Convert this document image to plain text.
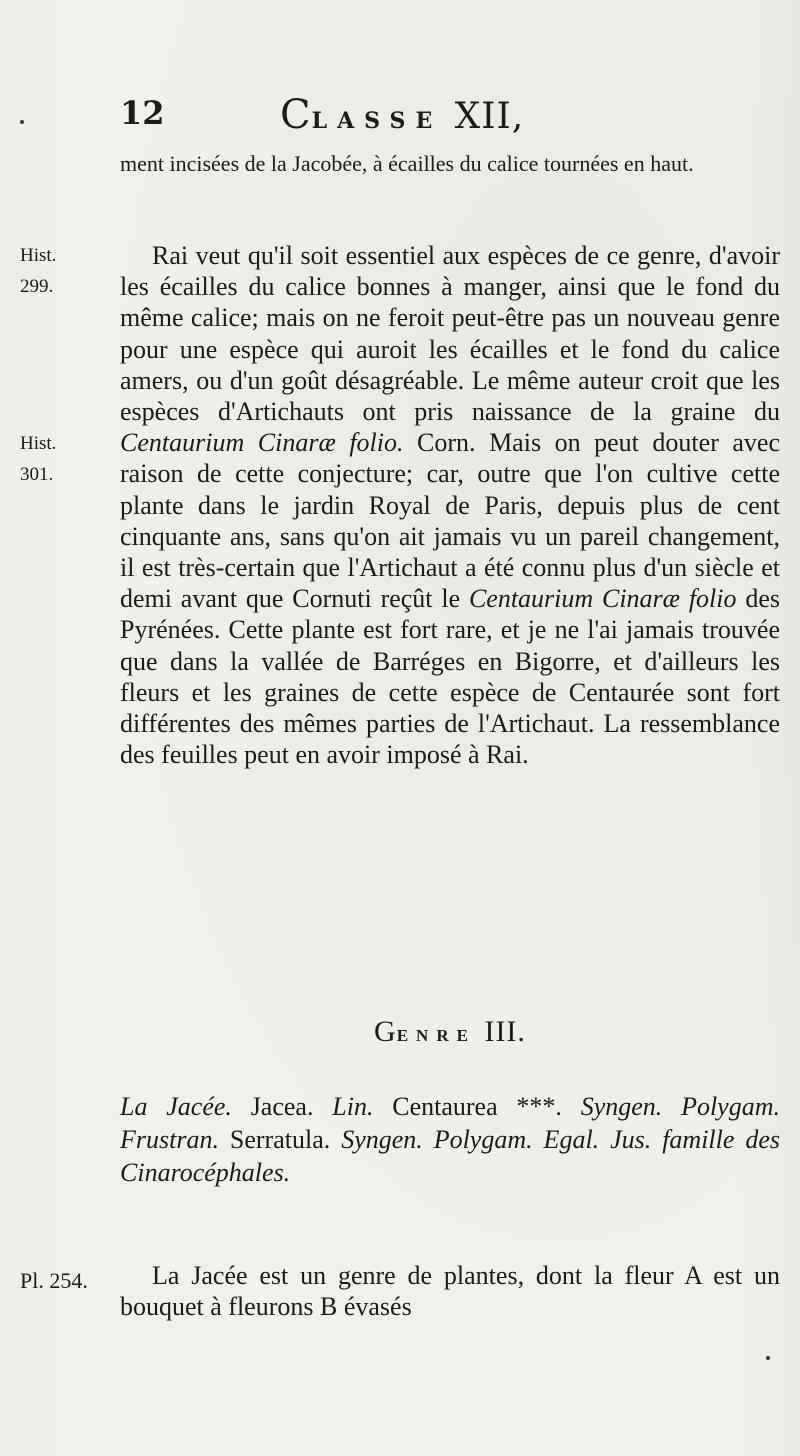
12	CLASSE XII,
ment incisées de la Jacobée, à écailles du calice tournées en haut.
Hist.
299.
Hist.
301.
Rai veut qu'il soit essentiel aux espèces de ce genre, d'avoir les écailles du calice bonnes à manger, ainsi que le fond du même calice; mais on ne feroit peut-être pas un nouveau genre pour une espèce qui auroit les écailles et le fond du calice amers, ou d'un goût désagréable. Le même auteur croit que les espèces d'Artichauts ont pris naissance de la graine du Centaurium Cinaræ folio. Corn. Mais on peut douter avec raison de cette conjecture; car, outre que l'on cultive cette plante dans le jardin Royal de Paris, depuis plus de cent cinquante ans, sans qu'on ait jamais vu un pareil changement, il est très-certain que l'Artichaut a été connu plus d'un siècle et demi avant que Cornuti reçût le Centaurium Cinaræ folio des Pyrénées. Cette plante est fort rare, et je ne l'ai jamais trouvée que dans la vallée de Barréges en Bigorre, et d'ailleurs les fleurs et les graines de cette espèce de Centaurée sont fort différentes des mêmes parties de l'Artichaut. La ressemblance des feuilles peut en avoir imposé à Rai.
GENRE III.
La Jacée. Jacea. Lin. Centaurea ***. Syngen. Polygam. Frustran. Serratula. Syngen. Polygam. Egal. Jus. famille des Cinarocéphales.
Pl. 254.	La Jacée est un genre de plantes, dont la fleur A est un bouquet à fleurons B évasés
